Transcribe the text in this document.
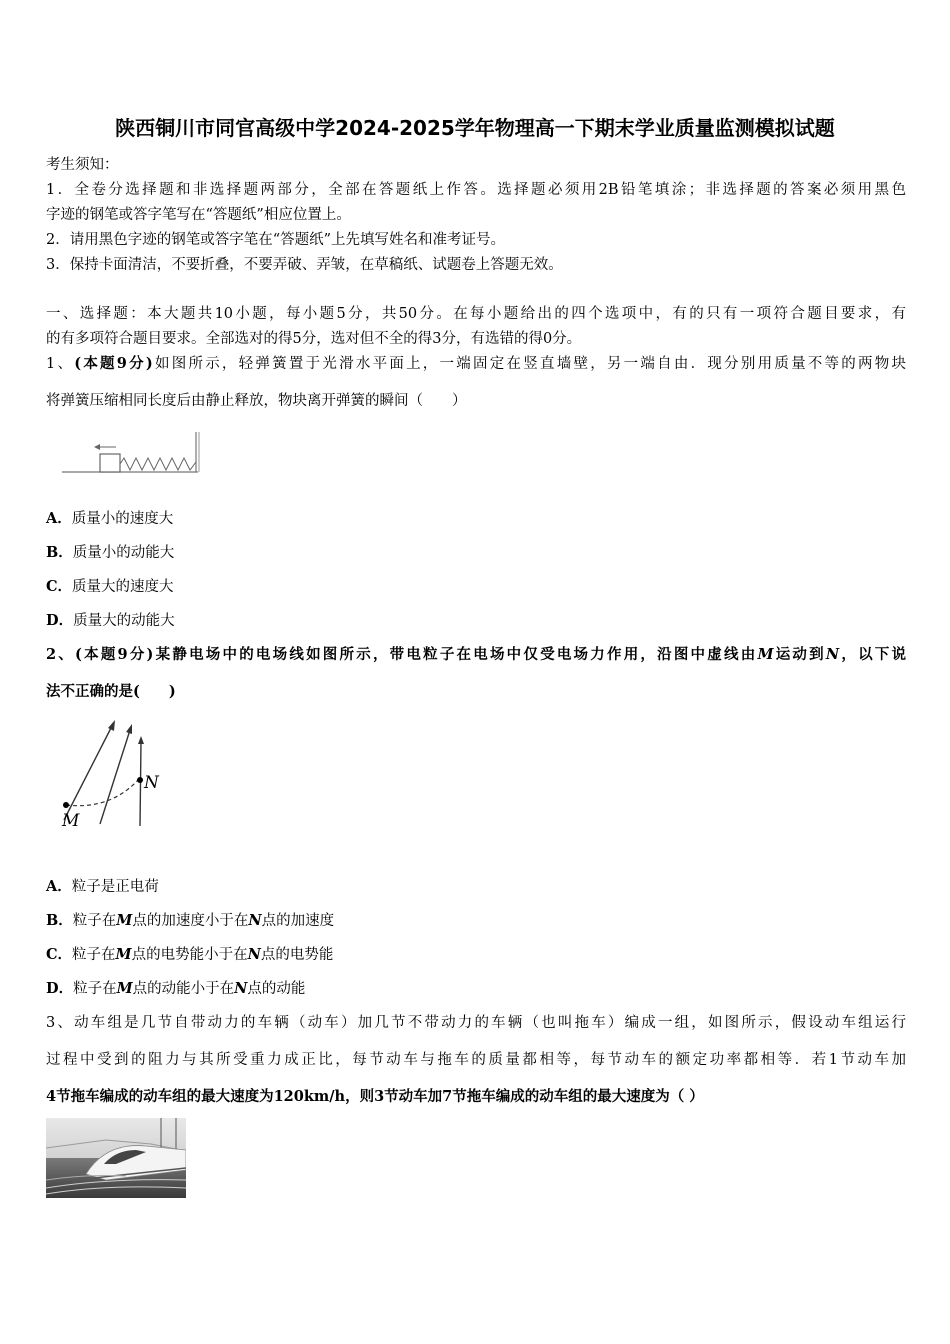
陕西铜川市同官高级中学2024-2025学年物理高一下期末学业质量监测模拟试题
考生须知：
1．全卷分选择题和非选择题两部分，全部在答题纸上作答。选择题必须用2B铅笔填涂；非选择题的答案必须用黑色
字迹的钢笔或答字笔写在“答题纸”相应位置上。
2．请用黑色字迹的钢笔或答字笔在“答题纸”上先填写姓名和准考证号。
3．保持卡面清洁，不要折叠，不要弄破、弄皱，在草稿纸、试题卷上答题无效。
一、选择题：本大题共10小题，每小题5分，共50分。在每小题给出的四个选项中，有的只有一项符合题目要求，有
的有多项符合题目要求。全部选对的得5分，选对但不全的得3分，有选错的得0分。
1、(本题9分)如图所示，轻弹簧置于光滑水平面上，一端固定在竖直墙壁，另一端自由．现分别用质量不等的两物块
将弹簧压缩相同长度后由静止释放，物块离开弹簧的瞬间（　　）
A．质量小的速度大
B．质量小的动能大
C．质量大的速度大
D．质量大的动能大
2、(本题9分)某静电场中的电场线如图所示，带电粒子在电场中仅受电场力作用，沿图中虚线由M运动到N，以下说
法不正确的是(　　)
N
M
A．粒子是正电荷
B．粒子在M点的加速度小于在N点的加速度
C．粒子在M点的电势能小于在N点的电势能
D．粒子在M点的动能小于在N点的动能
3、动车组是几节自带动力的车辆（动车）加几节不带动力的车辆（也叫拖车）编成一组，如图所示，假设动车组运行
过程中受到的阻力与其所受重力成正比，每节动车与拖车的质量都相等，每节动车的额定功率都相等．若1节动车加
4节拖车编成的动车组的最大速度为120km/h，则3节动车加7节拖车编成的动车组的最大速度为（ ）
